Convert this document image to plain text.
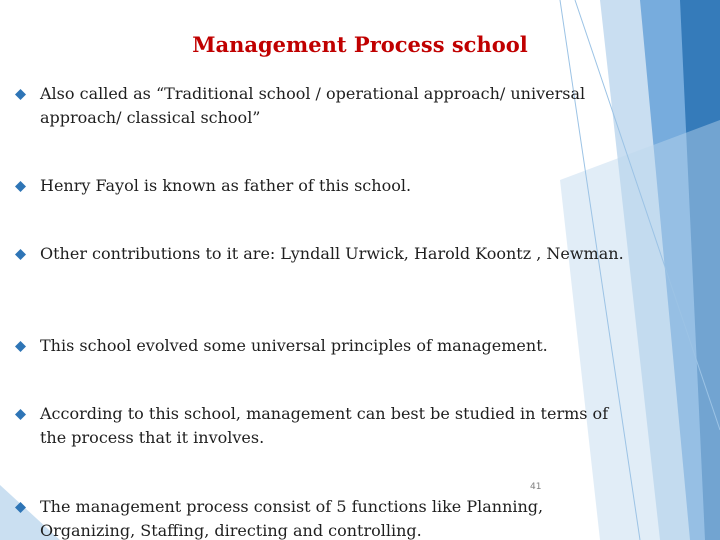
Management Process school
Also called as “Traditional school / operational approach/ universal approach/ classical school”
Henry Fayol is known as father of this school.
Other contributions to it are: Lyndall Urwick, Harold Koontz , Newman.
This school evolved some universal principles of management.
According to this school, management can best be studied in terms of the process that it involves.
The management process consist of 5 functions like Planning, Organizing, Staffing, directing and controlling.
41
